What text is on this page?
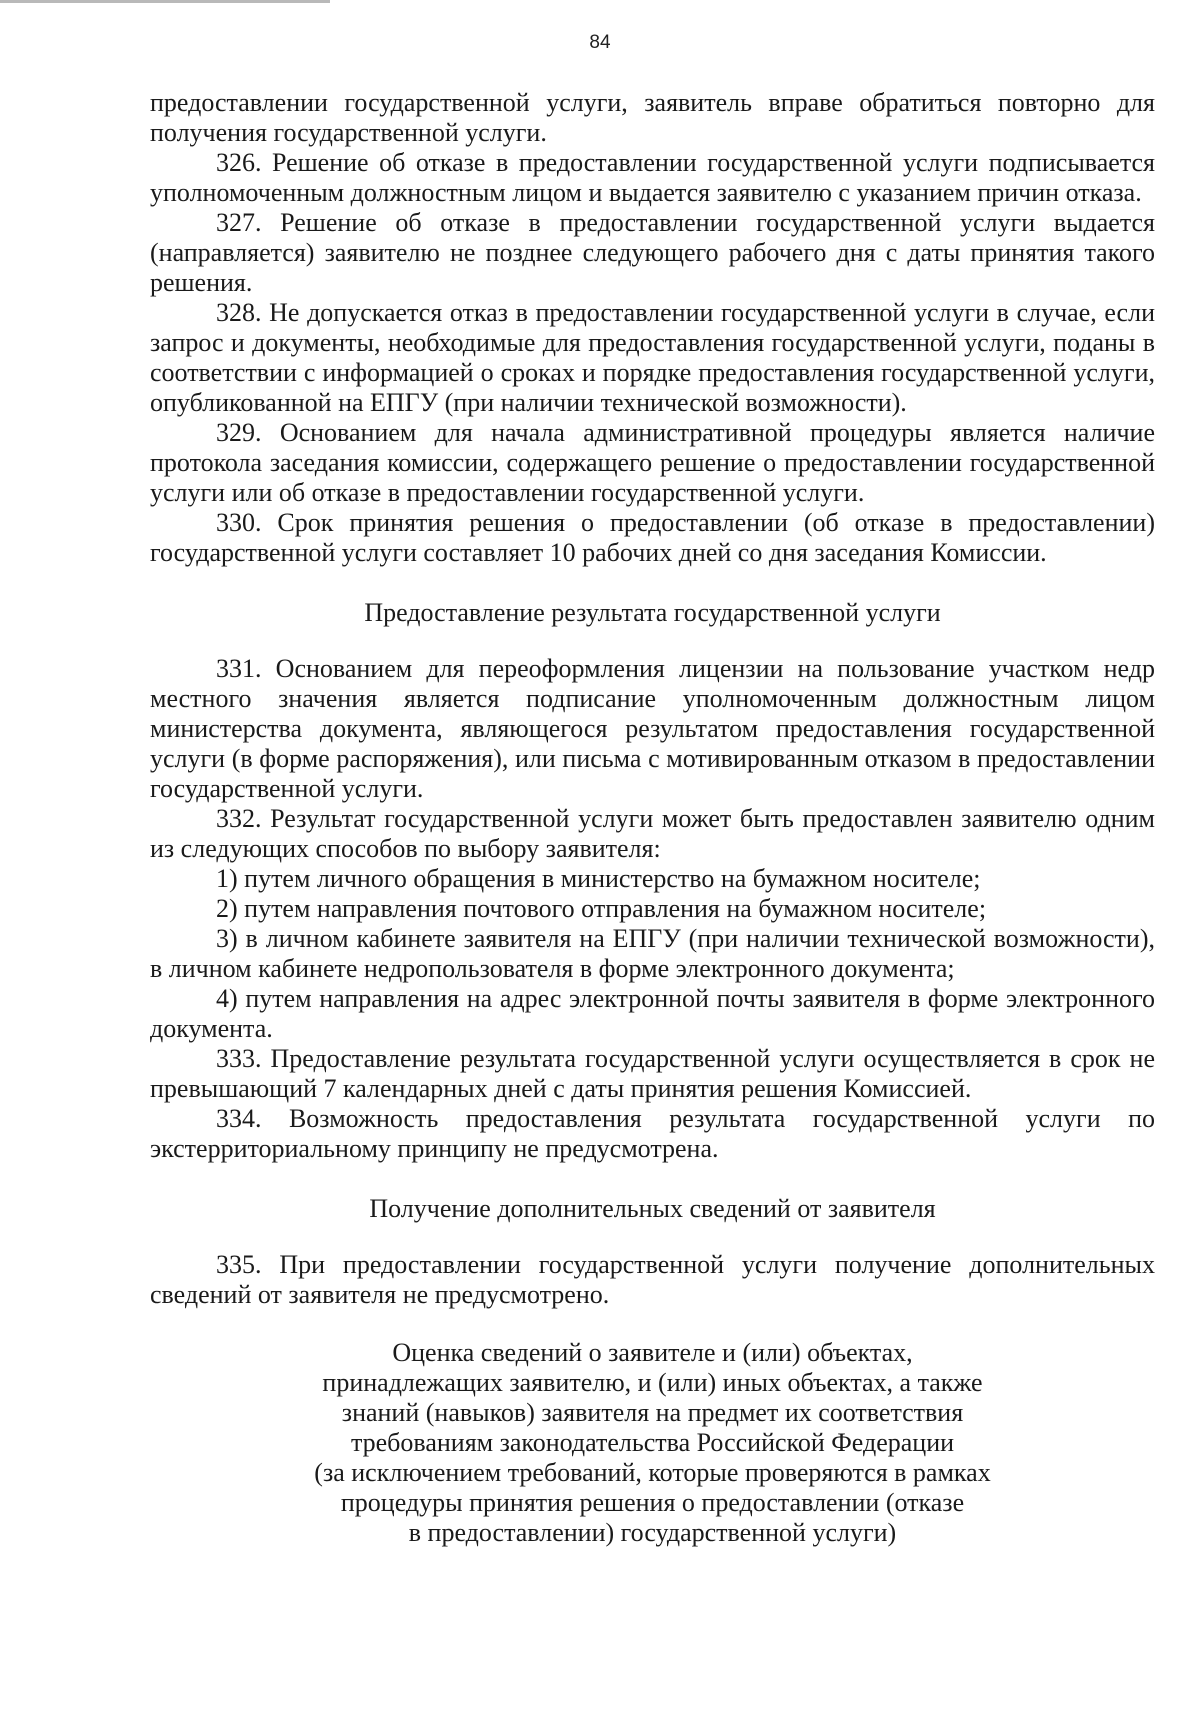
84

предоставлении государственной услуги, заявитель вправе обратиться повторно для получения государственной услуги.

326. Решение об отказе в предоставлении государственной услуги подписывается уполномоченным должностным лицом и выдается заявителю с указанием причин отказа.

327. Решение об отказе в предоставлении государственной услуги выдается (направляется) заявителю не позднее следующего рабочего дня с даты принятия такого решения.

328. Не допускается отказ в предоставлении государственной услуги в случае, если запрос и документы, необходимые для предоставления государственной услуги, поданы в соответствии с информацией о сроках и порядке предоставления государственной услуги, опубликованной на ЕПГУ (при наличии технической возможности).

329. Основанием для начала административной процедуры является наличие протокола заседания комиссии, содержащего решение о предоставлении государственной услуги или об отказе в предоставлении государственной услуги.

330. Срок принятия решения о предоставлении (об отказе в предоставлении) государственной услуги составляет 10 рабочих дней со дня заседания Комиссии.

Предоставление результата государственной услуги

331. Основанием для переоформления лицензии на пользование участком недр местного значения является подписание уполномоченным должностным лицом министерства документа, являющегося результатом предоставления государственной услуги (в форме распоряжения), или письма с мотивированным отказом в предоставлении государственной услуги.

332. Результат государственной услуги может быть предоставлен заявителю одним из следующих способов по выбору заявителя:

1) путем личного обращения в министерство на бумажном носителе;

2) путем направления почтового отправления на бумажном носителе;

3) в личном кабинете заявителя на ЕПГУ (при наличии технической возможности), в личном кабинете недропользователя в форме электронного документа;

4) путем направления на адрес электронной почты заявителя в форме электронного документа.

333. Предоставление результата государственной услуги осуществляется в срок не превышающий 7 календарных дней с даты принятия решения Комиссией.

334. Возможность предоставления результата государственной услуги по экстерриториальному принципу не предусмотрена.

Получение дополнительных сведений от заявителя

335. При предоставлении государственной услуги получение дополнительных сведений от заявителя не предусмотрено.

Оценка сведений о заявителе и (или) объектах,
принадлежащих заявителю, и (или) иных объектах, а также
знаний (навыков) заявителя на предмет их соответствия
требованиям законодательства Российской Федерации
(за исключением требований, которые проверяются в рамках
процедуры принятия решения о предоставлении (отказе
в предоставлении) государственной услуги)
